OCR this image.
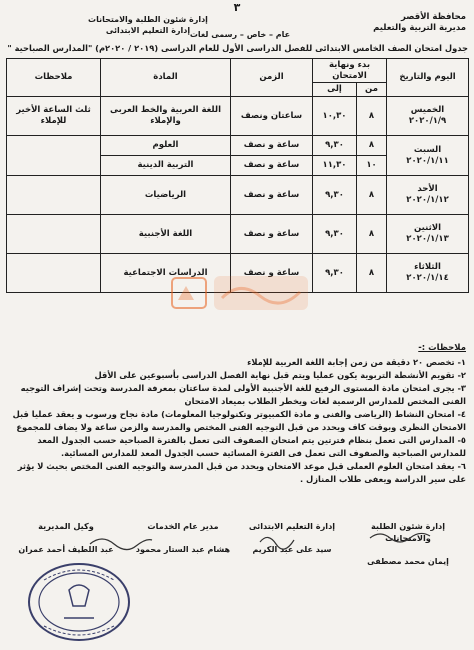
٣
محافظة الأقصر
مديرية التربية والتعليم
إدارة شئون الطلبة والامتحانات
إدارة التعليم الابتدائى عام – خاص – رسمى لغات
جدول امتحان الصف الخامس الابتدائى للفصل الدراسى الأول للعام الدراسى (٢٠١٩ / ٢٠٢٠م) "المدارس الصباحية "
اليوم والتاريخ	بدء ونهاية الامتحان		الزمن	المادة	ملاحظات
	من	إلى			

الخميس
٢٠٢٠/١/٩	٨	١٠,٣٠	ساعتان ونصف	اللغة العربية والخط العربى والإملاء	ثلث الساعة الأخير للإملاء

السبت
٢٠٢٠/١/١١	٨	٩,٣٠	ساعة و نصف	العلوم	
	١٠	١١,٣٠	ساعة و نصف	التربية الدينية	

الأحد
٢٠٢٠/١/١٢	٨	٩,٣٠	ساعة و نصف	الرياضيات	

الاثنين
٢٠٢٠/١/١٣	٨	٩,٣٠	ساعة و نصف	اللغة الأجنبية	

الثلاثاء
٢٠٢٠/١/١٤	٨	٩,٣٠	ساعة و نصف	الدراسات الاجتماعية	
ملاحظات :-

١- تخصص ٢٠ دقيقة من زمن إجابة اللغة العربية للإملاء

٢- تقويم الأنشطة التربوية يكون عمليا ويتم قبل نهاية الفصل الدراسى بأسبوعين على الأقل

٣- يجرى امتحان مادة المستوى الرفيع للغة الأجنبية الأولى لمدة ساعتان بمعرفة المدرسة وتحت إشراف التوجيه الفنى المختص للمدارس الرسمية لغات ويخطر الطلاب بميعاد الامتحان

٤- امتحان النشاط (الرياضى والفنى و مادة الكمبيوتر وتكنولوجيا المعلومات) مادة نجاح ورسوب و يعقد عمليا قبل الامتحان النظرى وبوقت كاف ويحدد من قبل التوجيه الفنى المختص والمدرسة والزمن ساعة ولا يضاف للمجموع

٥- المدارس التى تعمل بنظام فترتين يتم امتحان الصفوف التى تعمل بالفترة الصباحية حسب الجدول المعد للمدارس الصباحية والصفوف التى تعمل فى الفترة المسائية حسب الجدول المعد للمدارس المسائية.

٦- يعقد امتحان العلوم العملى قبل موعد الامتحان ويحدد من قبل المدرسة والتوجيه الفنى المختص بحيث لا يؤثر على سير الدراسة ويعفى طلاب المنازل .

إدارة شئون الطلبة والامتحانات
إيمان محمد مصطفى
إدارة التعليم الابتدائى
سيد على عبد الكريم
مدير عام الخدمات
هشام عبد الستار محمود
وكيل المديرية
عبد اللطيف أحمد عمران
